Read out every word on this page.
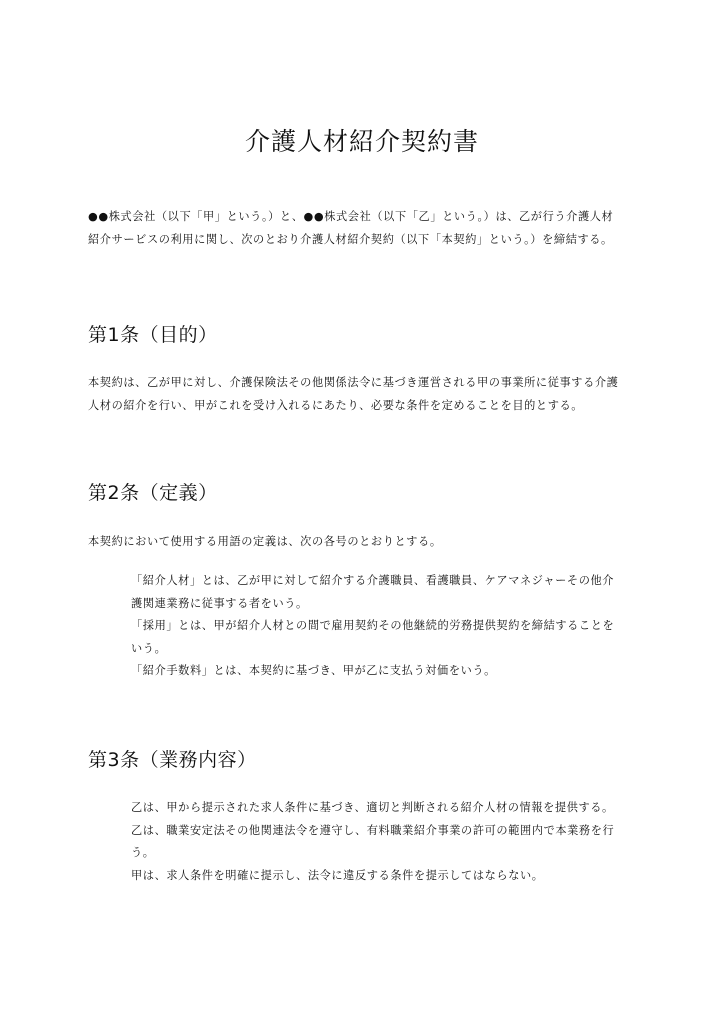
介護人材紹介契約書
●●株式会社（以下「甲」という。）と、●●株式会社（以下「乙」という。）は、乙が行う介護人材
紹介サービスの利用に関し、次のとおり介護人材紹介契約（以下「本契約」という。）を締結する。
第1条（目的）
本契約は、乙が甲に対し、介護保険法その他関係法令に基づき運営される甲の事業所に従事する介護
人材の紹介を行い、甲がこれを受け入れるにあたり、必要な条件を定めることを目的とする。
第2条（定義）
本契約において使用する用語の定義は、次の各号のとおりとする。
「紹介人材」とは、乙が甲に対して紹介する介護職員、看護職員、ケアマネジャーその他介
護関連業務に従事する者をいう。
「採用」とは、甲が紹介人材との間で雇用契約その他継続的労務提供契約を締結することを
いう。
「紹介手数料」とは、本契約に基づき、甲が乙に支払う対価をいう。
第3条（業務内容）
乙は、甲から提示された求人条件に基づき、適切と判断される紹介人材の情報を提供する。
乙は、職業安定法その他関連法令を遵守し、有料職業紹介事業の許可の範囲内で本業務を行
う。
甲は、求人条件を明確に提示し、法令に違反する条件を提示してはならない。
